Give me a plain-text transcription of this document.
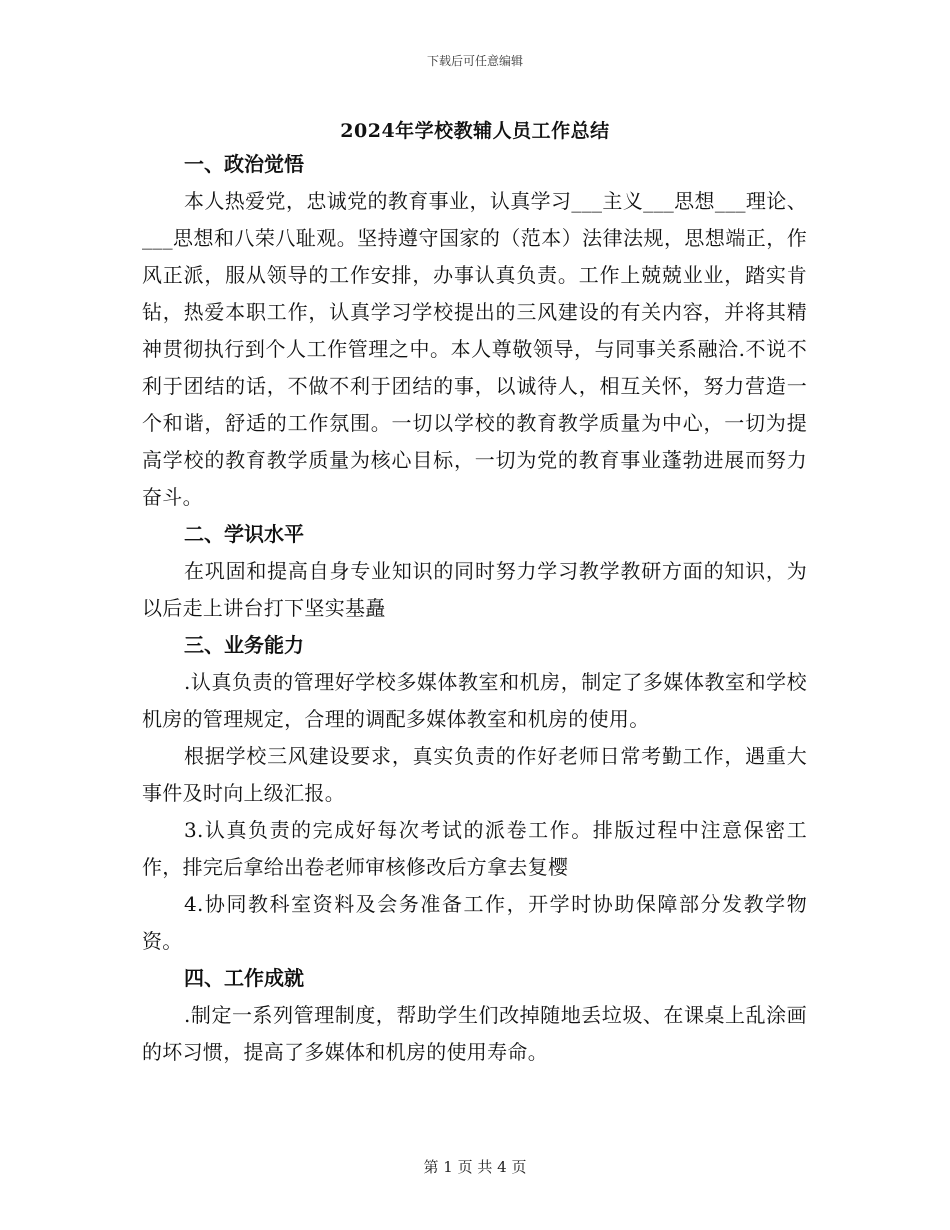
下载后可任意编辑
2024年学校教辅人员工作总结

一、政治觉悟

本人热爱党，忠诚党的教育事业，认真学习___主义___思想___理论、___思想和八荣八耻观。坚持遵守国家的（范本）法律法规，思想端正，作风正派，服从领导的工作安排，办事认真负责。工作上兢兢业业，踏实肯钻，热爱本职工作，认真学习学校提出的三风建设的有关内容，并将其精神贯彻执行到个人工作管理之中。本人尊敬领导，与同事关系融洽.不说不利于团结的话，不做不利于团结的事，以诚待人，相互关怀，努力营造一个和谐，舒适的工作氛围。一切以学校的教育教学质量为中心，一切为提高学校的教育教学质量为核心目标，一切为党的教育事业蓬勃进展而努力奋斗。

二、学识水平

在巩固和提高自身专业知识的同时努力学习教学教研方面的知识，为以后走上讲台打下坚实基矗

三、业务能力

.认真负责的管理好学校多媒体教室和机房，制定了多媒体教室和学校机房的管理规定，合理的调配多媒体教室和机房的使用。

根据学校三风建设要求，真实负责的作好老师日常考勤工作，遇重大事件及时向上级汇报。

3.认真负责的完成好每次考试的派卷工作。排版过程中注意保密工作，排完后拿给出卷老师审核修改后方拿去复樱

4.协同教科室资料及会务准备工作，开学时协助保障部分发教学物资。

四、工作成就

.制定一系列管理制度，帮助学生们改掉随地丢垃圾、在课桌上乱涂画的坏习惯，提高了多媒体和机房的使用寿命。

第 1 页 共 4 页
